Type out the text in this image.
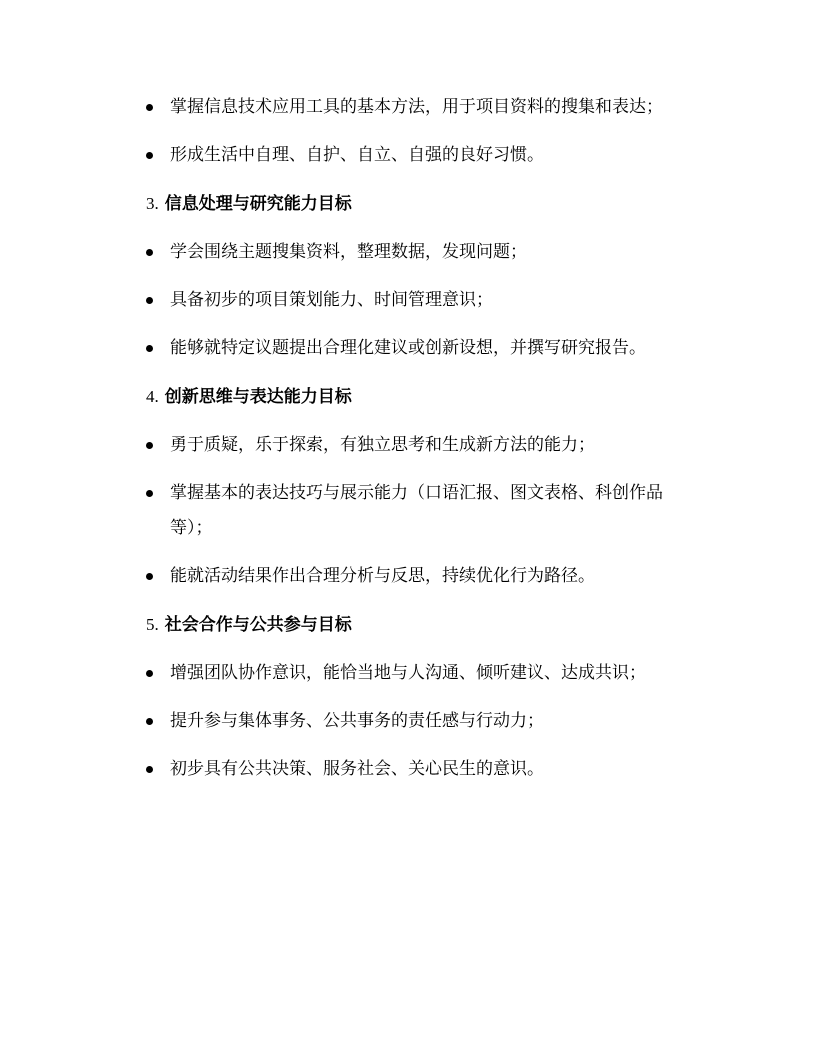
掌握信息技术应用工具的基本方法，用于项目资料的搜集和表达；
形成生活中自理、自护、自立、自强的良好习惯。
3. 信息处理与研究能力目标
学会围绕主题搜集资料，整理数据，发现问题；
具备初步的项目策划能力、时间管理意识；
能够就特定议题提出合理化建议或创新设想，并撰写研究报告。
4. 创新思维与表达能力目标
勇于质疑，乐于探索，有独立思考和生成新方法的能力；
掌握基本的表达技巧与展示能力（口语汇报、图文表格、科创作品等）；
能就活动结果作出合理分析与反思，持续优化行为路径。
5. 社会合作与公共参与目标
增强团队协作意识，能恰当地与人沟通、倾听建议、达成共识；
提升参与集体事务、公共事务的责任感与行动力；
初步具有公共决策、服务社会、关心民生的意识。
